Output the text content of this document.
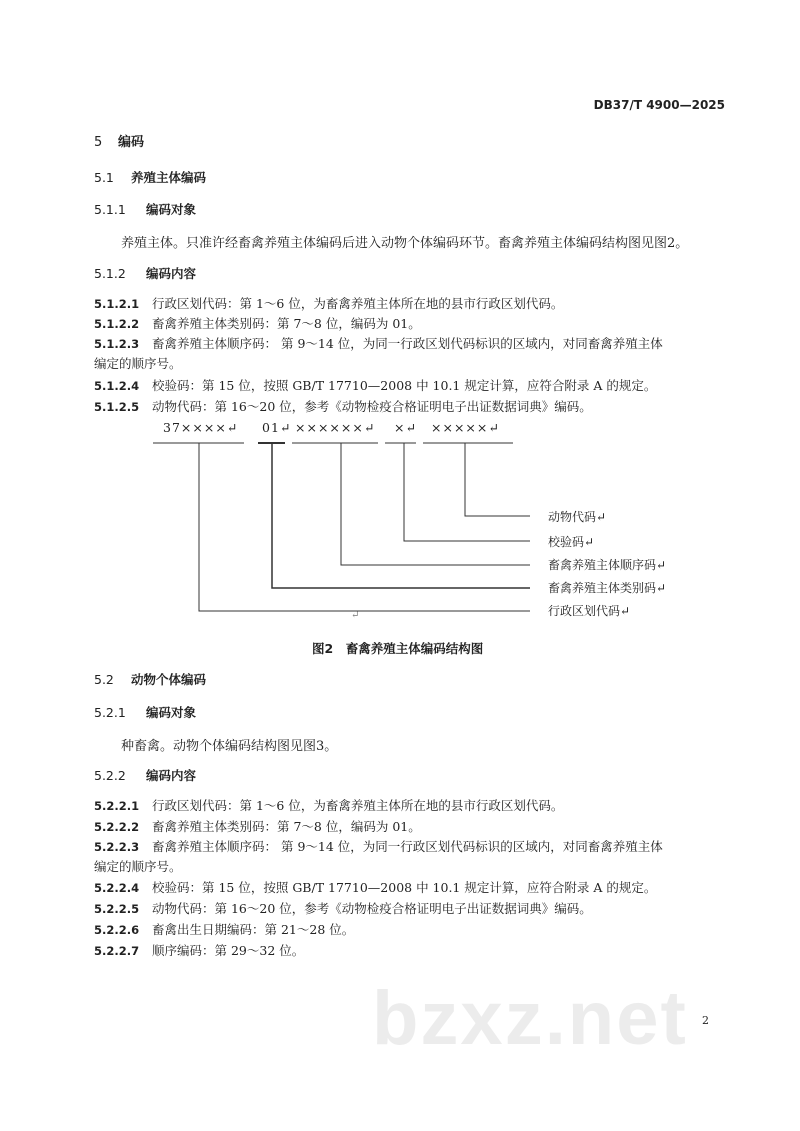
DB37/T 4900—2025
5 编码
5.1 养殖主体编码
5.1.1 编码对象
养殖主体。只准许经畜禽养殖主体编码后进入动物个体编码环节。畜禽养殖主体编码结构图见图2。
5.1.2 编码内容
5.1.2.1 行政区划代码：第 1～6 位，为畜禽养殖主体所在地的县市行政区划代码。
5.1.2.2 畜禽养殖主体类别码：第 7～8 位，编码为 01。
5.1.2.3 畜禽养殖主体顺序码： 第 9～14 位，为同一行政区划代码标识的区域内，对同畜禽养殖主体
编定的顺序号。
5.1.2.4 校验码：第 15 位，按照 GB/T 17710—2008 中 10.1 规定计算，应符合附录 A 的规定。
5.1.2.5 动物代码：第 16～20 位，参考《动物检疫合格证明电子出证数据词典》编码。
37××××↵ 01↵ ××××××↵ ×↵ ×××××↵
动物代码↵
校验码↵
畜禽养殖主体顺序码↵
畜禽养殖主体类别码↵
行政区划代码↵
↵
图2　畜禽养殖主体编码结构图
5.2 动物个体编码
5.2.1 编码对象
种畜禽。动物个体编码结构图见图3。
5.2.2 编码内容
5.2.2.1 行政区划代码：第 1～6 位，为畜禽养殖主体所在地的县市行政区划代码。
5.2.2.2 畜禽养殖主体类别码：第 7～8 位，编码为 01。
5.2.2.3 畜禽养殖主体顺序码： 第 9～14 位，为同一行政区划代码标识的区域内，对同畜禽养殖主体
编定的顺序号。
5.2.2.4 校验码：第 15 位，按照 GB/T 17710—2008 中 10.1 规定计算，应符合附录 A 的规定。
5.2.2.5 动物代码：第 16～20 位，参考《动物检疫合格证明电子出证数据词典》编码。
5.2.2.6 畜禽出生日期编码：第 21～28 位。
5.2.2.7 顺序编码：第 29～32 位。
bzxz.net 2
